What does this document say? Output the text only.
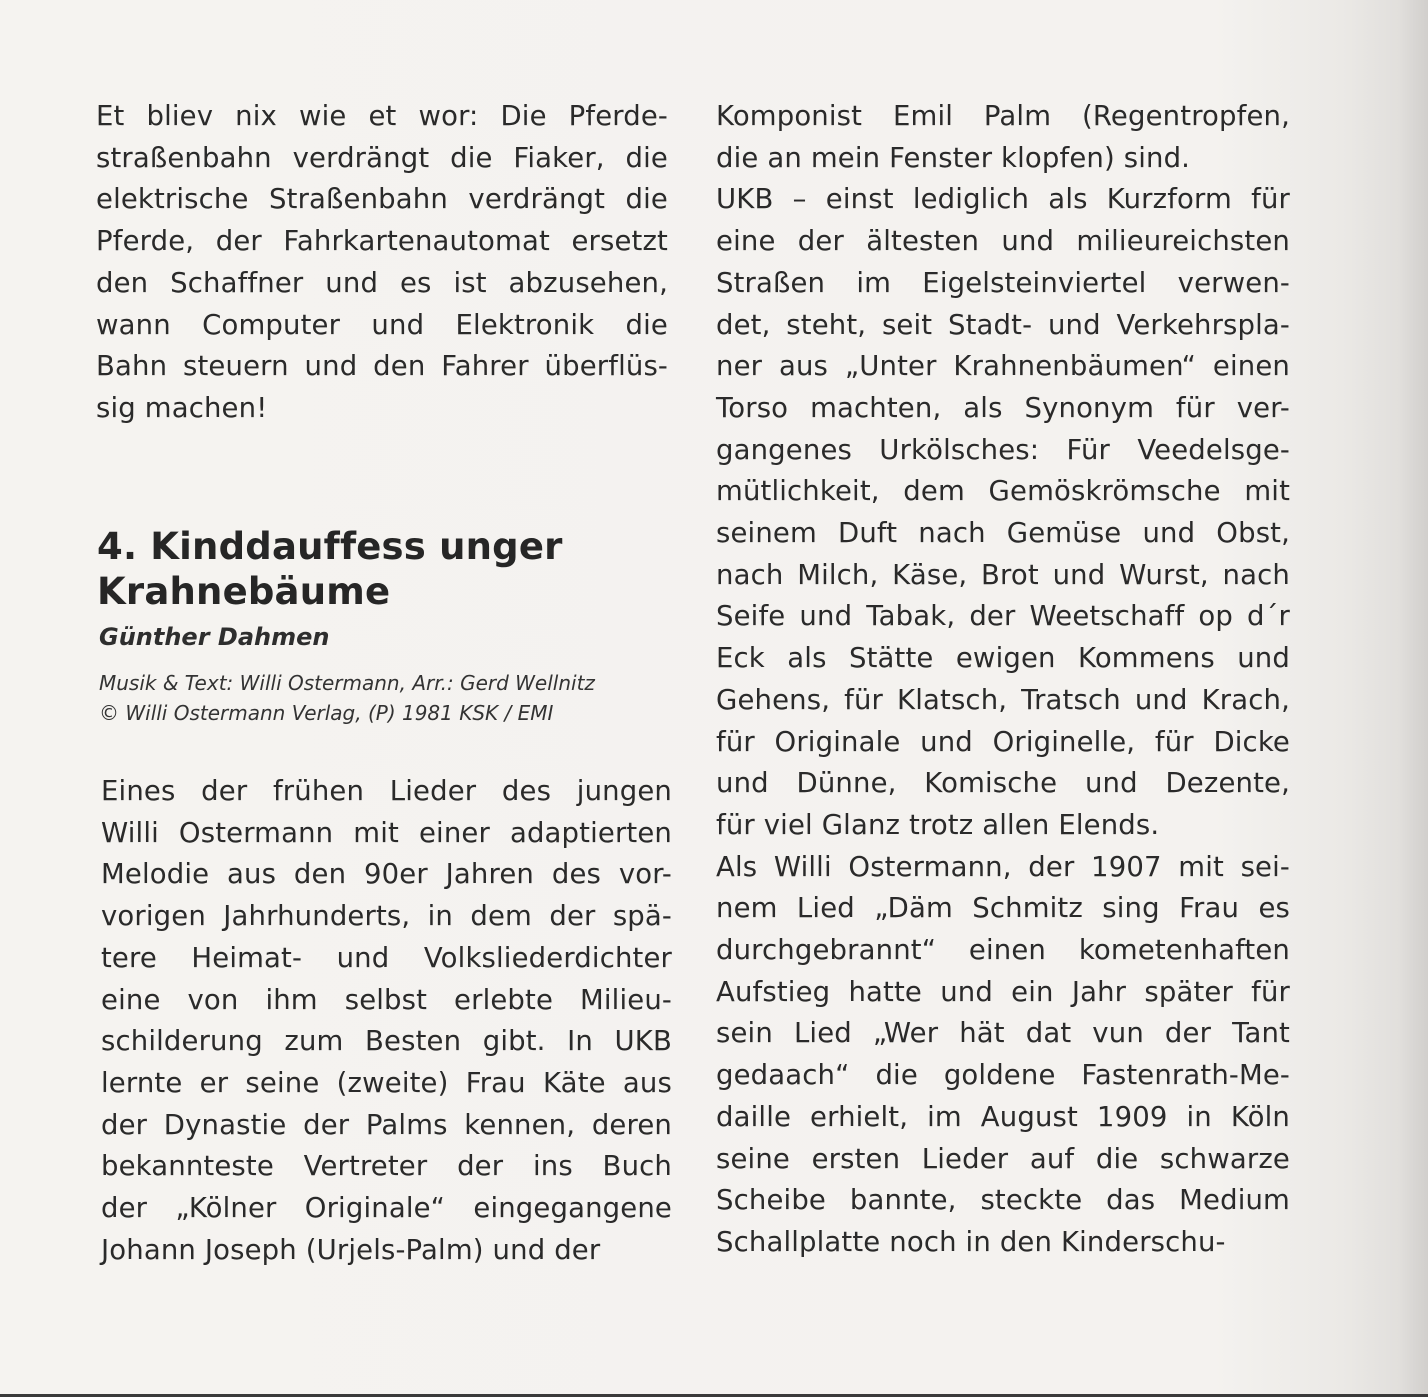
Et bliev nix wie et wor: Die Pferde-
straßenbahn verdrängt die Fiaker, die
elektrische Straßenbahn verdrängt die
Pferde, der Fahrkartenautomat ersetzt
den Schaffner und es ist abzusehen,
wann Computer und Elektronik die
Bahn steuern und den Fahrer überflüs-
sig machen!
4. Kinddauffess unger
Krahnebäume
Günther Dahmen
Musik & Text: Willi Ostermann, Arr.: Gerd Wellnitz
© Willi Ostermann Verlag, (P) 1981 KSK / EMI
Eines der frühen Lieder des jungen
Willi Ostermann mit einer adaptierten
Melodie aus den 90er Jahren des vor-
vorigen Jahrhunderts, in dem der spä-
tere Heimat- und Volksliederdichter
eine von ihm selbst erlebte Milieu-
schilderung zum Besten gibt. In UKB
lernte er seine (zweite) Frau Käte aus
der Dynastie der Palms kennen, deren
bekannteste Vertreter der ins Buch
der „Kölner Originale“ eingegangene
Johann Joseph (Urjels-Palm) und der
Komponist Emil Palm (Regentropfen,
die an mein Fenster klopfen) sind.
UKB – einst lediglich als Kurzform für
eine der ältesten und milieureichsten
Straßen im Eigelsteinviertel verwen-
det, steht, seit Stadt- und Verkehrspla-
ner aus „Unter Krahnenbäumen“ einen
Torso machten, als Synonym für ver-
gangenes Urkölsches: Für Veedelsge-
mütlichkeit, dem Gemöskrömsche mit
seinem Duft nach Gemüse und Obst,
nach Milch, Käse, Brot und Wurst, nach
Seife und Tabak, der Weetschaff op d´r
Eck als Stätte ewigen Kommens und
Gehens, für Klatsch, Tratsch und Krach,
für Originale und Originelle, für Dicke
und Dünne, Komische und Dezente,
für viel Glanz trotz allen Elends.
Als Willi Ostermann, der 1907 mit sei-
nem Lied „Däm Schmitz sing Frau es
durchgebrannt“ einen kometenhaften
Aufstieg hatte und ein Jahr später für
sein Lied „Wer hät dat vun der Tant
gedaach“ die goldene Fastenrath-Me-
daille erhielt, im August 1909 in Köln
seine ersten Lieder auf die schwarze
Scheibe bannte, steckte das Medium
Schallplatte noch in den Kinderschu-
